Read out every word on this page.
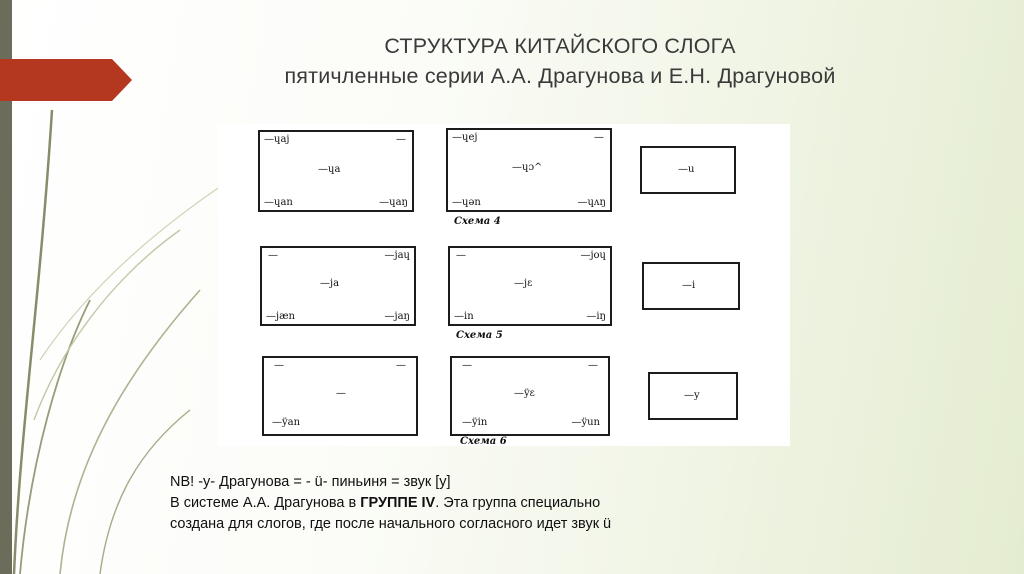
СТРУКТУРА КИТАЙСКОГО СЛОГА
пятичленные серии А.А. Драгунова и Е.Н. Драгуновой
—ɥaj	—
—ɥa
—ɥan	—ɥaŋ
—ɥej	—
—ɥɔ^
—ɥən	—ɥʌŋ
—u
Схема 4
—	—jaɥ
—ja
—jæn	—jaŋ
—	—joɥ
—jɛ
—in	—iŋ
—i
Схема 5
—	—
—
—ÿan
—	—
—ÿɛ
—ÿin	—ÿun
—y
Схема 6

NB! -у- Драгунова = - ü- пиньиня = звук [у]

В системе А.А. Драгунова в ГРУППЕ IV. Эта группа специально

создана для слогов, где после начального согласного идет звук ü
